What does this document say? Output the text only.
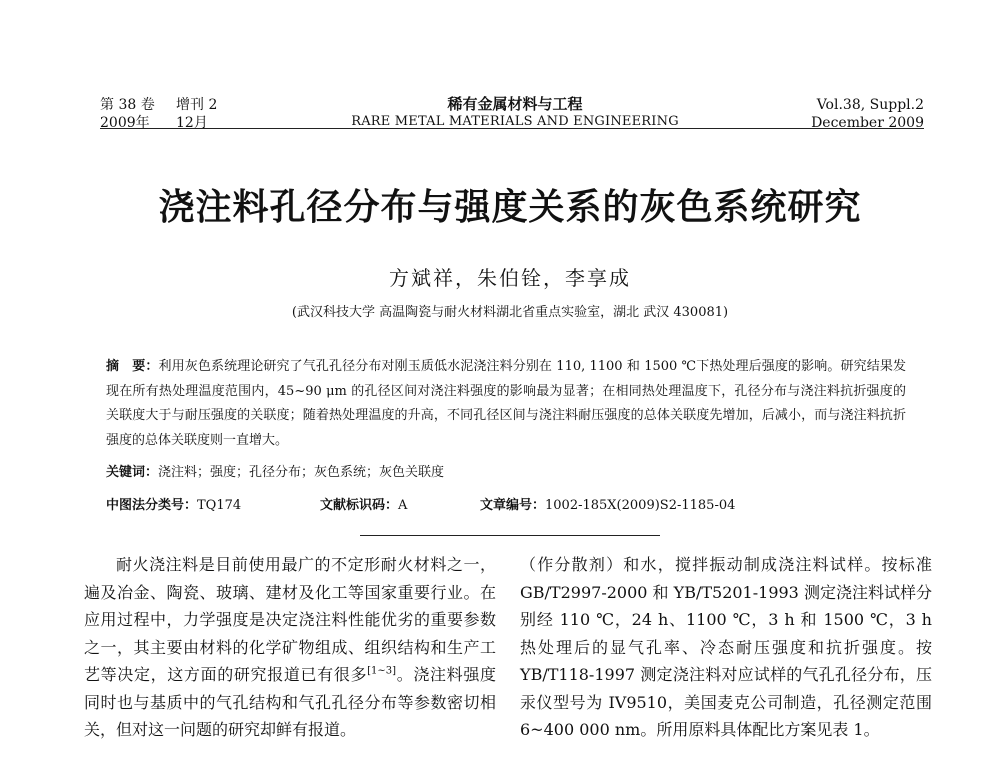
第 38 卷 增刊 2
2009年 12月
稀有金属材料与工程
RARE METAL MATERIALS AND ENGINEERING
Vol.38, Suppl.2
December 2009
浇注料孔径分布与强度关系的灰色系统研究
方斌祥，朱伯铨，李享成
(武汉科技大学 高温陶瓷与耐火材料湖北省重点实验室，湖北 武汉 430081)
摘　要：利用灰色系统理论研究了气孔孔径分布对刚玉质低水泥浇注料分别在 110, 1100 和 1500 ℃下热处理后强度的影响。研究结果发现在所有热处理温度范围内，45~90 μm 的孔径区间对浇注料强度的影响最为显著；在相同热处理温度下，孔径分布与浇注料抗折强度的关联度大于与耐压强度的关联度；随着热处理温度的升高，不同孔径区间与浇注料耐压强度的总体关联度先增加，后减小，而与浇注料抗折强度的总体关联度则一直增大。
关键词：浇注料；强度；孔径分布；灰色系统；灰色关联度
中图法分类号：TQ174	文献标识码：A	文章编号：1002-185X(2009)S2-1185-04

耐火浇注料是目前使用最广的不定形耐火材料之一，遍及冶金、陶瓷、玻璃、建材及化工等国家重要行业。在应用过程中，力学强度是决定浇注料性能优劣的重要参数之一，其主要由材料的化学矿物组成、组织结构和生产工艺等决定，这方面的研究报道已有很多[1~3]。浇注料强度同时也与基质中的气孔结构和气孔孔径分布等参数密切相关，但对这一问题的研究却鲜有报道。

（作分散剂）和水，搅拌振动制成浇注料试样。按标准 GB/T2997-2000 和 YB/T5201-1993 测定浇注料试样分别经 110 ℃，24 h、1100 ℃，3 h 和 1500 ℃，3 h 热处理后的显气孔率、冷态耐压强度和抗折强度。按 YB/T118-1997 测定浇注料对应试样的气孔孔径分布，压汞仪型号为 IV9510，美国麦克公司制造，孔径测定范围 6~400 000 nm。所用原料具体配比方案见表 1。
